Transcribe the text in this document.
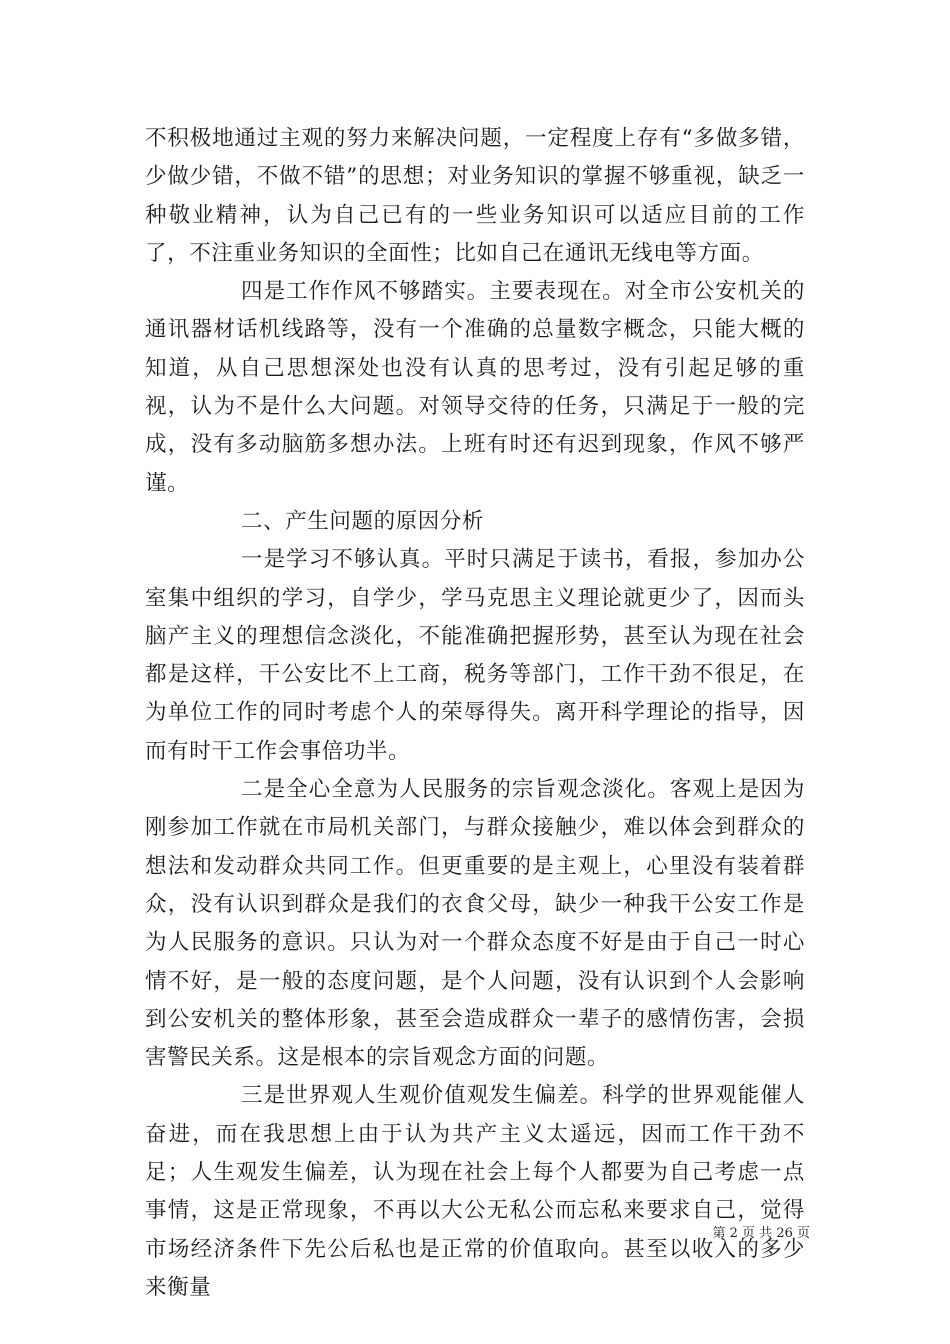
不积极地通过主观的努力来解决问题，一定程度上存有“多做多错，少做少错，不做不错”的思想；对业务知识的掌握不够重视，缺乏一种敬业精神，认为自己已有的一些业务知识可以适应目前的工作了，不注重业务知识的全面性；比如自己在通讯无线电等方面。

四是工作作风不够踏实。主要表现在。对全市公安机关的通讯器材话机线路等，没有一个准确的总量数字概念，只能大概的知道，从自己思想深处也没有认真的思考过，没有引起足够的重视，认为不是什么大问题。对领导交待的任务，只满足于一般的完成，没有多动脑筋多想办法。上班有时还有迟到现象，作风不够严谨。

二、产生问题的原因分析

一是学习不够认真。平时只满足于读书，看报，参加办公室集中组织的学习，自学少，学马克思主义理论就更少了，因而头脑产主义的理想信念淡化，不能准确把握形势，甚至认为现在社会都是这样，干公安比不上工商，税务等部门，工作干劲不很足，在为单位工作的同时考虑个人的荣辱得失。离开科学理论的指导，因而有时干工作会事倍功半。

二是全心全意为人民服务的宗旨观念淡化。客观上是因为刚参加工作就在市局机关部门，与群众接触少，难以体会到群众的想法和发动群众共同工作。但更重要的是主观上，心里没有装着群众，没有认识到群众是我们的衣食父母，缺少一种我干公安工作是为人民服务的意识。只认为对一个群众态度不好是由于自己一时心情不好，是一般的态度问题，是个人问题，没有认识到个人会影响到公安机关的整体形象，甚至会造成群众一辈子的感情伤害，会损害警民关系。这是根本的宗旨观念方面的问题。

三是世界观人生观价值观发生偏差。科学的世界观能催人奋进，而在我思想上由于认为共产主义太遥远，因而工作干劲不足；人生观发生偏差，认为现在社会上每个人都要为自己考虑一点事情，这是正常现象，不再以大公无私公而忘私来要求自己，觉得市场经济条件下先公后私也是正常的价值取向。甚至以收入的多少来衡量

第 2 页 共 26 页
